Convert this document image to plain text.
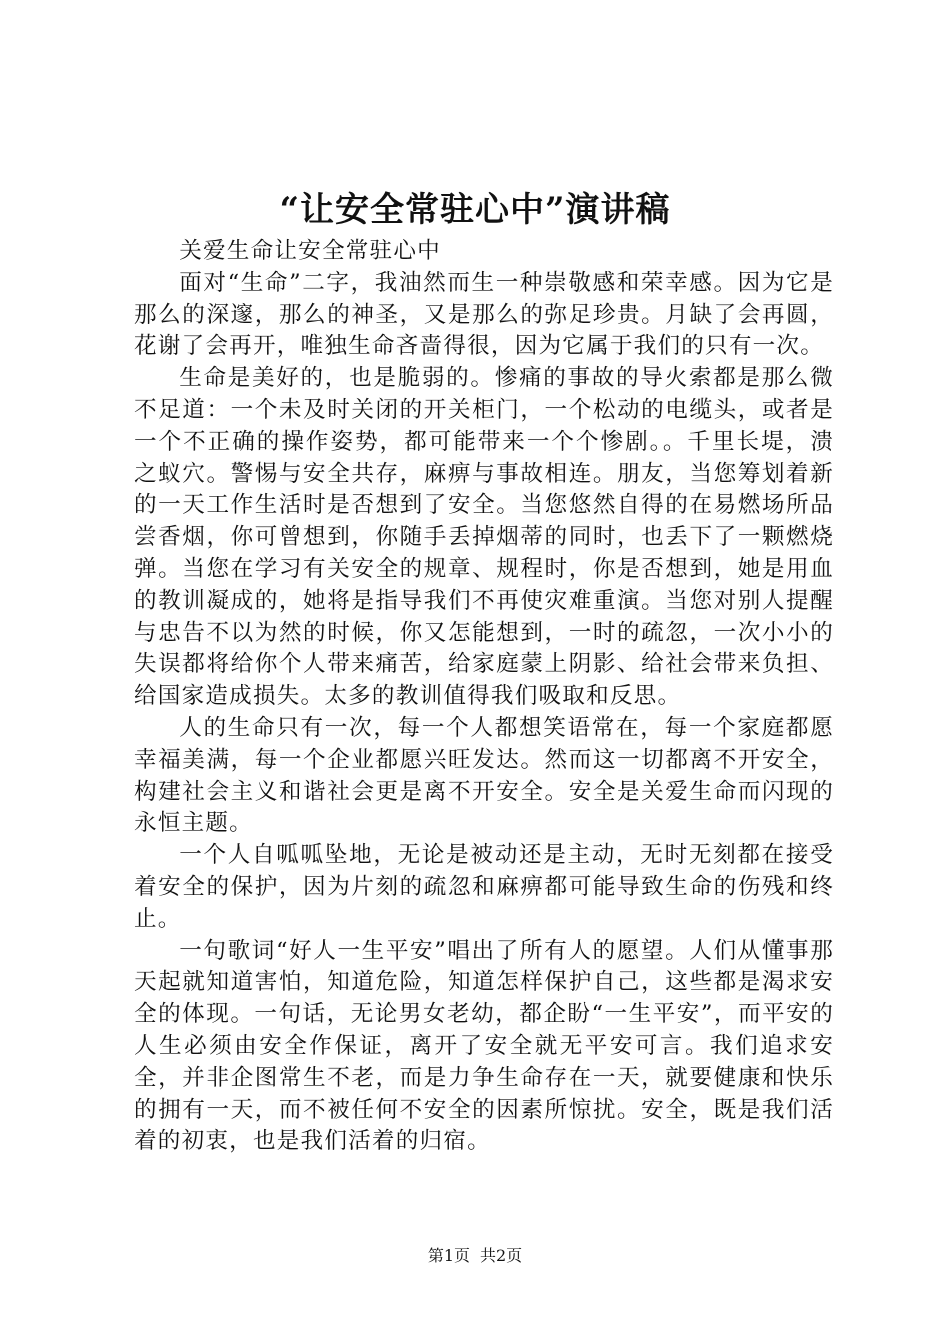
“让安全常驻心中”演讲稿

关爱生命让安全常驻心中

面对“生命”二字，我油然而生一种崇敬感和荣幸感。因为它是那么的深邃，那么的神圣，又是那么的弥足珍贵。月缺了会再圆，花谢了会再开，唯独生命吝啬得很，因为它属于我们的只有一次。

生命是美好的，也是脆弱的。惨痛的事故的导火索都是那么微不足道：一个未及时关闭的开关柜门，一个松动的电缆头，或者是一个不正确的操作姿势，都可能带来一个个惨剧。。千里长堤，溃之蚁穴。警惕与安全共存，麻痹与事故相连。朋友，当您筹划着新的一天工作生活时是否想到了安全。当您悠然自得的在易燃场所品尝香烟，你可曾想到，你随手丢掉烟蒂的同时，也丢下了一颗燃烧弹。当您在学习有关安全的规章、规程时，你是否想到，她是用血的教训凝成的，她将是指导我们不再使灾难重演。当您对别人提醒与忠告不以为然的时候，你又怎能想到，一时的疏忽，一次小小的失误都将给你个人带来痛苦，给家庭蒙上阴影、给社会带来负担、给国家造成损失。太多的教训值得我们吸取和反思。

人的生命只有一次，每一个人都想笑语常在，每一个家庭都愿幸福美满，每一个企业都愿兴旺发达。然而这一切都离不开安全，构建社会主义和谐社会更是离不开安全。安全是关爱生命而闪现的永恒主题。

一个人自呱呱坠地，无论是被动还是主动，无时无刻都在接受着安全的保护，因为片刻的疏忽和麻痹都可能导致生命的伤残和终止。

一句歌词“好人一生平安”唱出了所有人的愿望。人们从懂事那天起就知道害怕，知道危险，知道怎样保护自己，这些都是渴求安全的体现。一句话，无论男女老幼，都企盼“一生平安”，而平安的人生必须由安全作保证，离开了安全就无平安可言。我们追求安全，并非企图常生不老，而是力争生命存在一天，就要健康和快乐的拥有一天，而不被任何不安全的因素所惊扰。安全，既是我们活着的初衷，也是我们活着的归宿。

第1页 共2页
